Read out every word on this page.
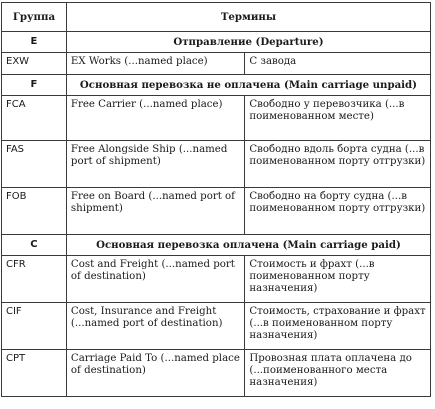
Группа	Термины	
E	Отправление (Departure)	
EXW	EX Works (...named place)	С завода
F	Основная перевозка не оплачена (Main carriage unpaid)	
FCA	Free Carrier (...named place)	Свободно у перевозчика (...в поименованном месте)
FAS	Free Alongside Ship (...named port of shipment)	Свободно вдоль борта судна (...в поименованном порту отгрузки)
FOB	Free on Board (...named port of shipment)	Свободно на борту судна (...в поименованном порту отгрузки)
C	Основная перевозка оплачена (Main carriage paid)	
CFR	Cost and Freight (...named port of destination)	Стоимость и фрахт (...в поименованном порту назначения)
CIF	Cost, Insurance and Freight (...named port of destination)	Стоимость, страхование и фрахт (...в поименованном порту назначения)
CPT	Carriage Paid To (...named place of destination)	Провозная плата оплачена до (...поименованного места назначения)
